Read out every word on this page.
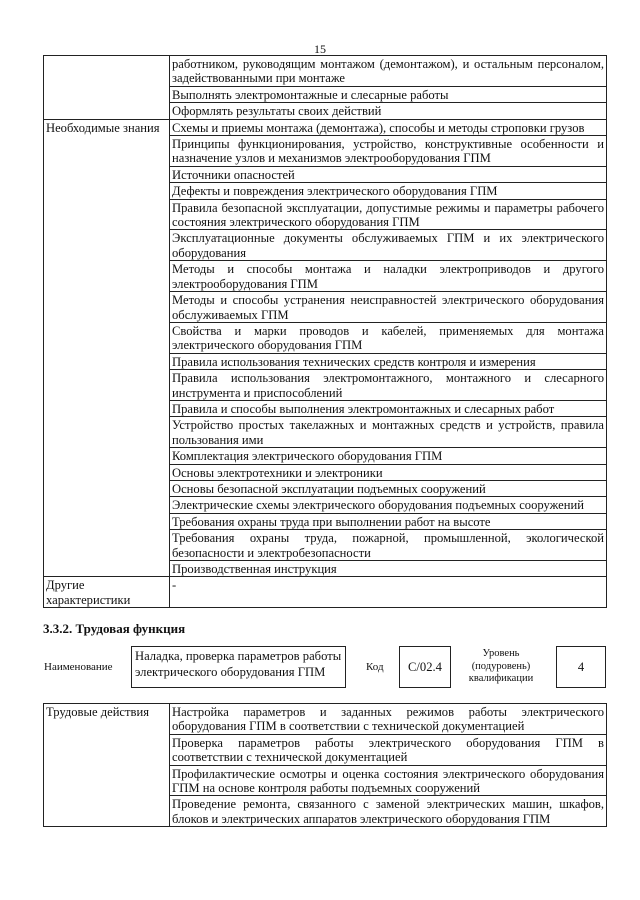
15
	работником, руководящим монтажом (демонтажом), и остальным персоналом, задействованными при монтаже
	Выполнять электромонтажные и слесарные работы
	Оформлять результаты своих действий
Необходимые знания	Схемы и приемы монтажа (демонтажа), способы и методы строповки грузов
	Принципы функционирования, устройство, конструктивные особенности и назначение узлов и механизмов электрооборудования ГПМ
	Источники опасностей
	Дефекты и повреждения электрического оборудования ГПМ
	Правила безопасной эксплуатации, допустимые режимы и параметры рабочего состояния электрического оборудования ГПМ
	Эксплуатационные документы обслуживаемых ГПМ и их электрического оборудования
	Методы и способы монтажа и наладки электроприводов и другого электрооборудования ГПМ
	Методы и способы устранения неисправностей электрического оборудования обслуживаемых ГПМ
	Свойства и марки проводов и кабелей, применяемых для монтажа электрического оборудования ГПМ
	Правила использования технических средств контроля и измерения
	Правила использования электромонтажного, монтажного и слесарного инструмента и приспособлений
	Правила и способы выполнения электромонтажных и слесарных работ
	Устройство простых такелажных и монтажных средств и устройств, правила пользования ими
	Комплектация электрического оборудования ГПМ
	Основы электротехники и электроники
	Основы безопасной эксплуатации подъемных сооружений
	Электрические схемы электрического оборудования подъемных сооружений
	Требования охраны труда при выполнении работ на высоте
	Требования охраны труда, пожарной, промышленной, экологической безопасности и электробезопасности
	Производственная инструкция
Другие характеристики	-
3.3.2. Трудовая функция
Наименование
Наладка, проверка параметров работы электрического оборудования ГПМ	Код С/02.4
Уровень (подуровень) квалификации
4
Трудовые действия	Настройка параметров и заданных режимов работы электрического оборудования ГПМ в соответствии с технической документацией
Проверка параметров работы электрического оборудования ГПМ в соответствии с технической документацией
Профилактические осмотры и оценка состояния электрического оборудования ГПМ на основе контроля работы подъемных сооружений
Проведение ремонта, связанного с заменой электрических машин, шкафов, блоков и электрических аппаратов электрического оборудования ГПМ
